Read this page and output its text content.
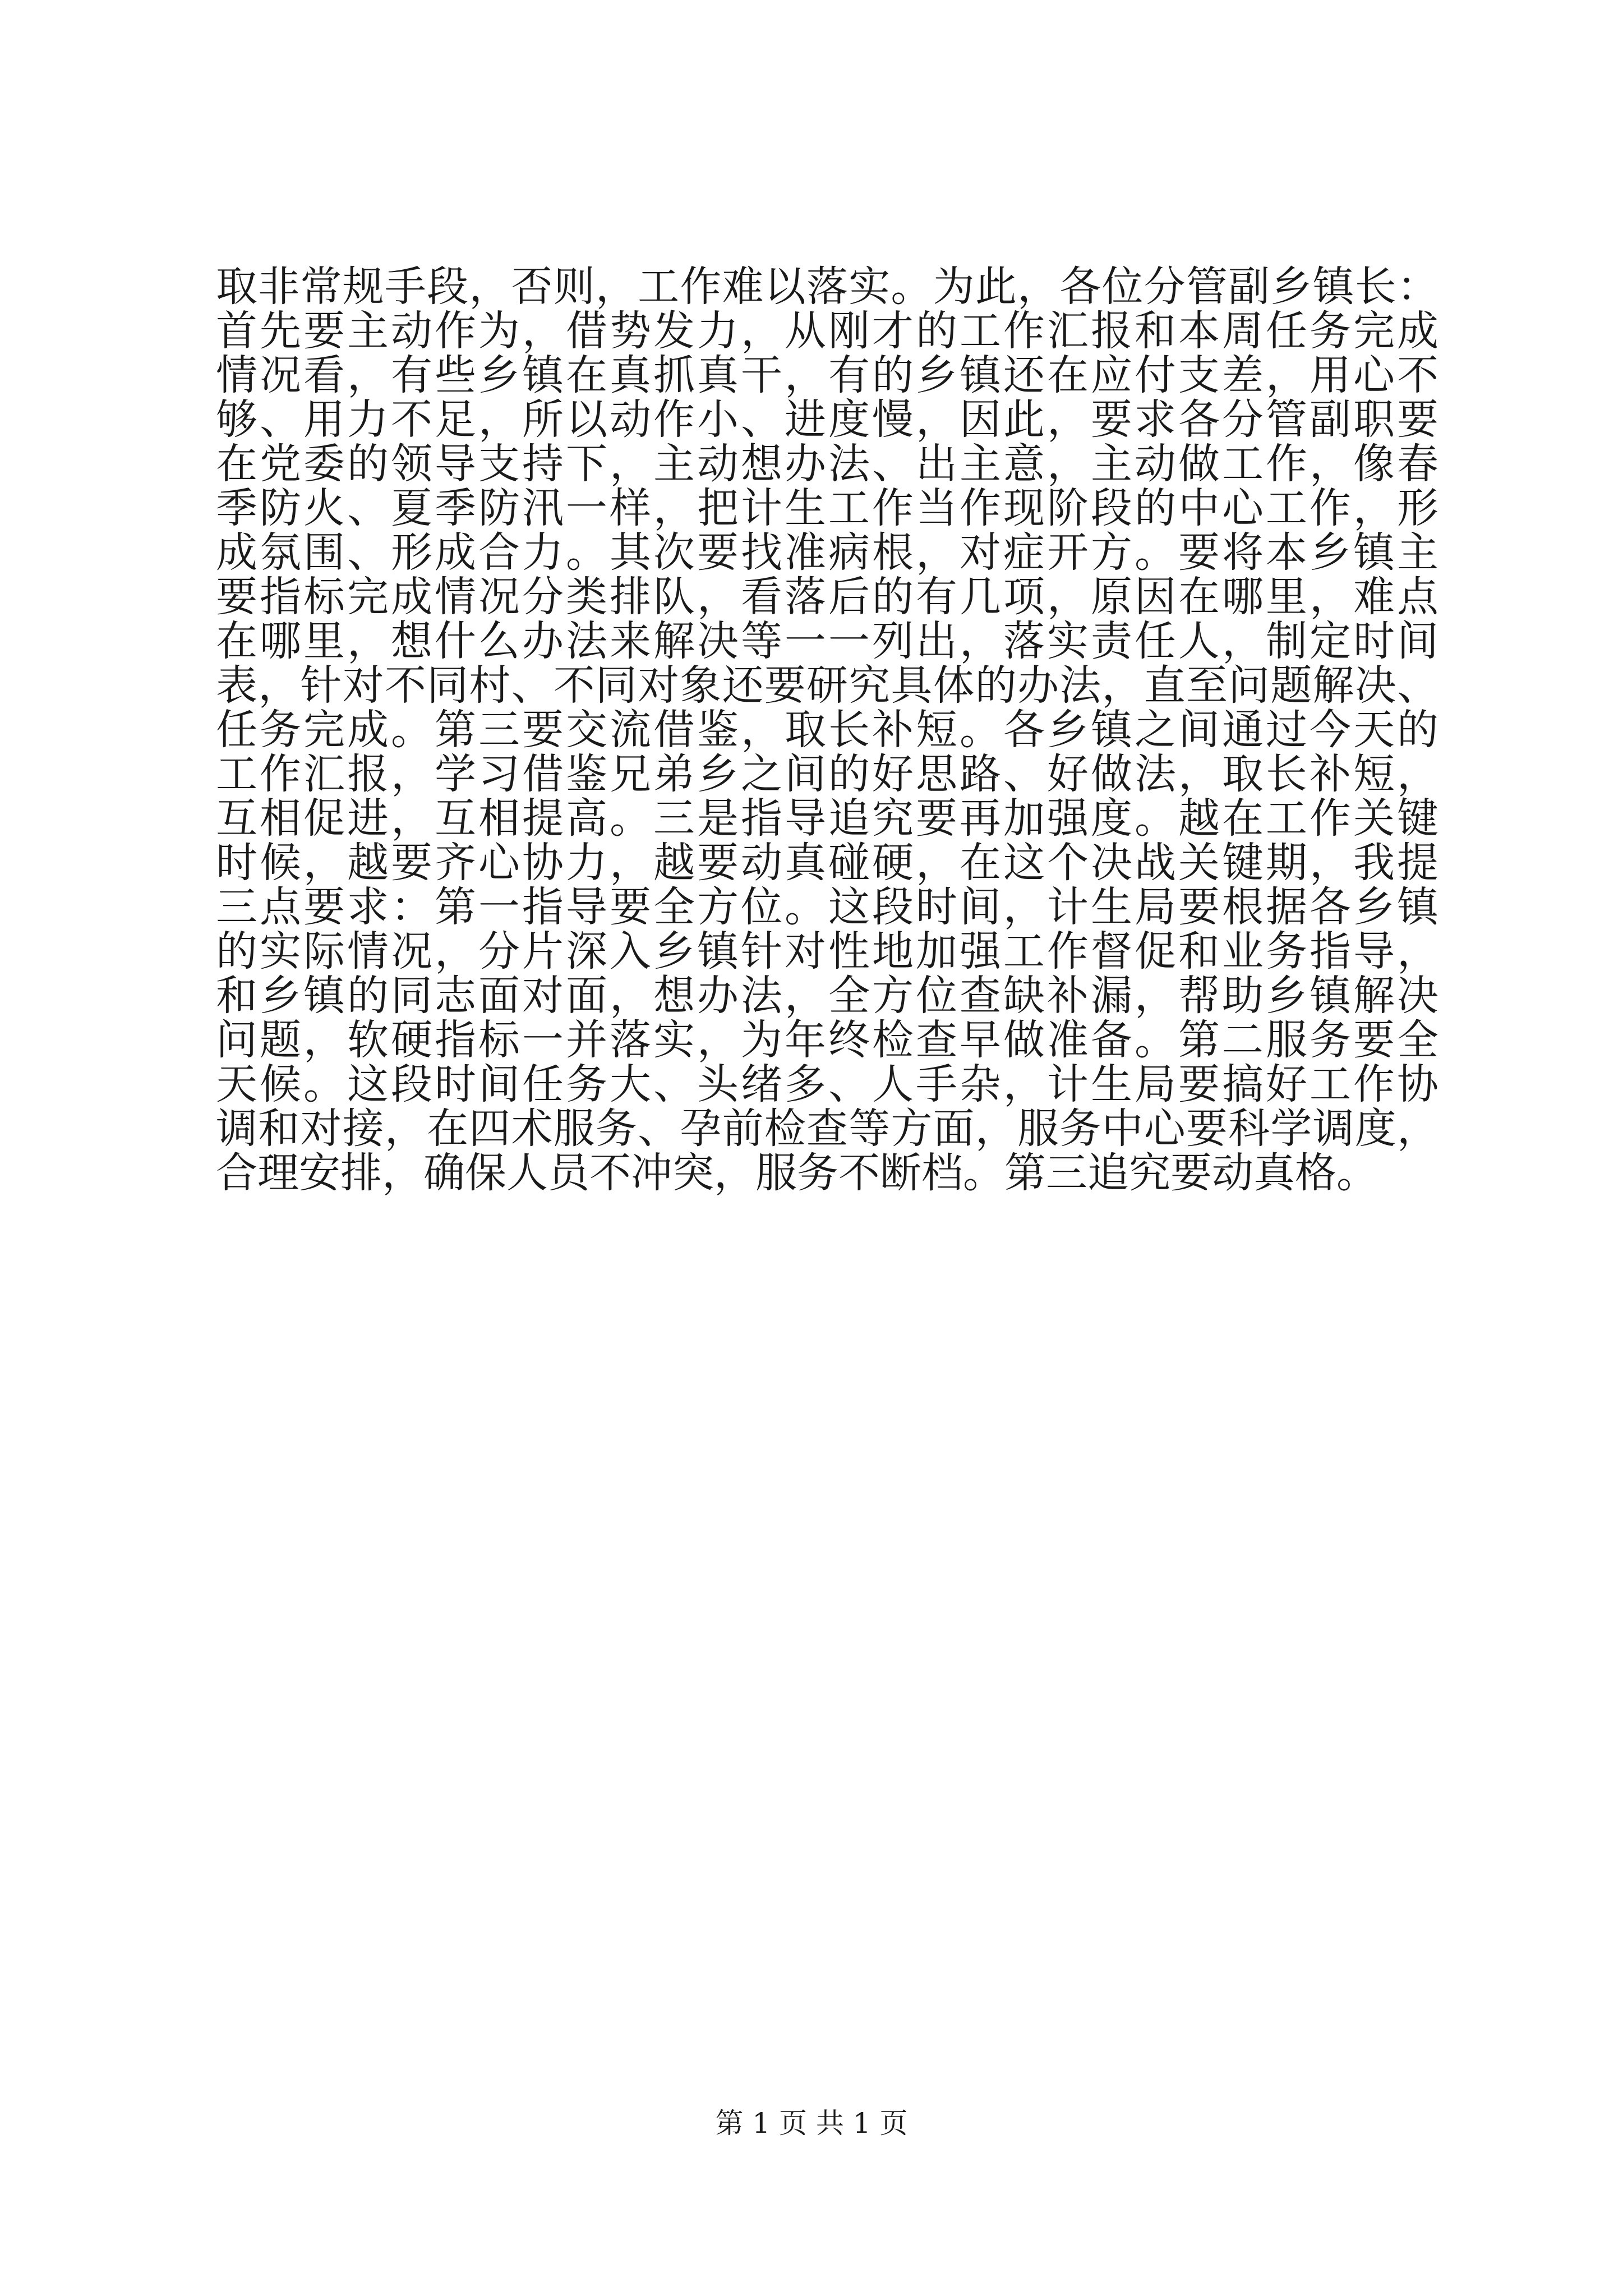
取非常规手段，否则，工作难以落实。为此，各位分管副乡镇长：
首先要主动作为，借势发力，从刚才的工作汇报和本周任务完成
情况看，有些乡镇在真抓真干，有的乡镇还在应付支差，用心不
够、用力不足，所以动作小、进度慢，因此，要求各分管副职要
在党委的领导支持下，主动想办法、出主意，主动做工作，像春
季防火、夏季防汛一样，把计生工作当作现阶段的中心工作，形
成氛围、形成合力。其次要找准病根，对症开方。要将本乡镇主
要指标完成情况分类排队，看落后的有几项，原因在哪里，难点
在哪里，想什么办法来解决等一一列出，落实责任人，制定时间
表，针对不同村、不同对象还要研究具体的办法，直至问题解决、
任务完成。第三要交流借鉴，取长补短。各乡镇之间通过今天的
工作汇报，学习借鉴兄弟乡之间的好思路、好做法，取长补短，
互相促进，互相提高。三是指导追究要再加强度。越在工作关键
时候，越要齐心协力，越要动真碰硬，在这个决战关键期，我提
三点要求：第一指导要全方位。这段时间，计生局要根据各乡镇
的实际情况，分片深入乡镇针对性地加强工作督促和业务指导，
和乡镇的同志面对面，想办法，全方位查缺补漏，帮助乡镇解决
问题，软硬指标一并落实，为年终检查早做准备。第二服务要全
天候。这段时间任务大、头绪多、人手杂，计生局要搞好工作协
调和对接，在四术服务、孕前检查等方面，服务中心要科学调度，
合理安排，确保人员不冲突，服务不断档。第三追究要动真格。
第 1 页 共 1 页
